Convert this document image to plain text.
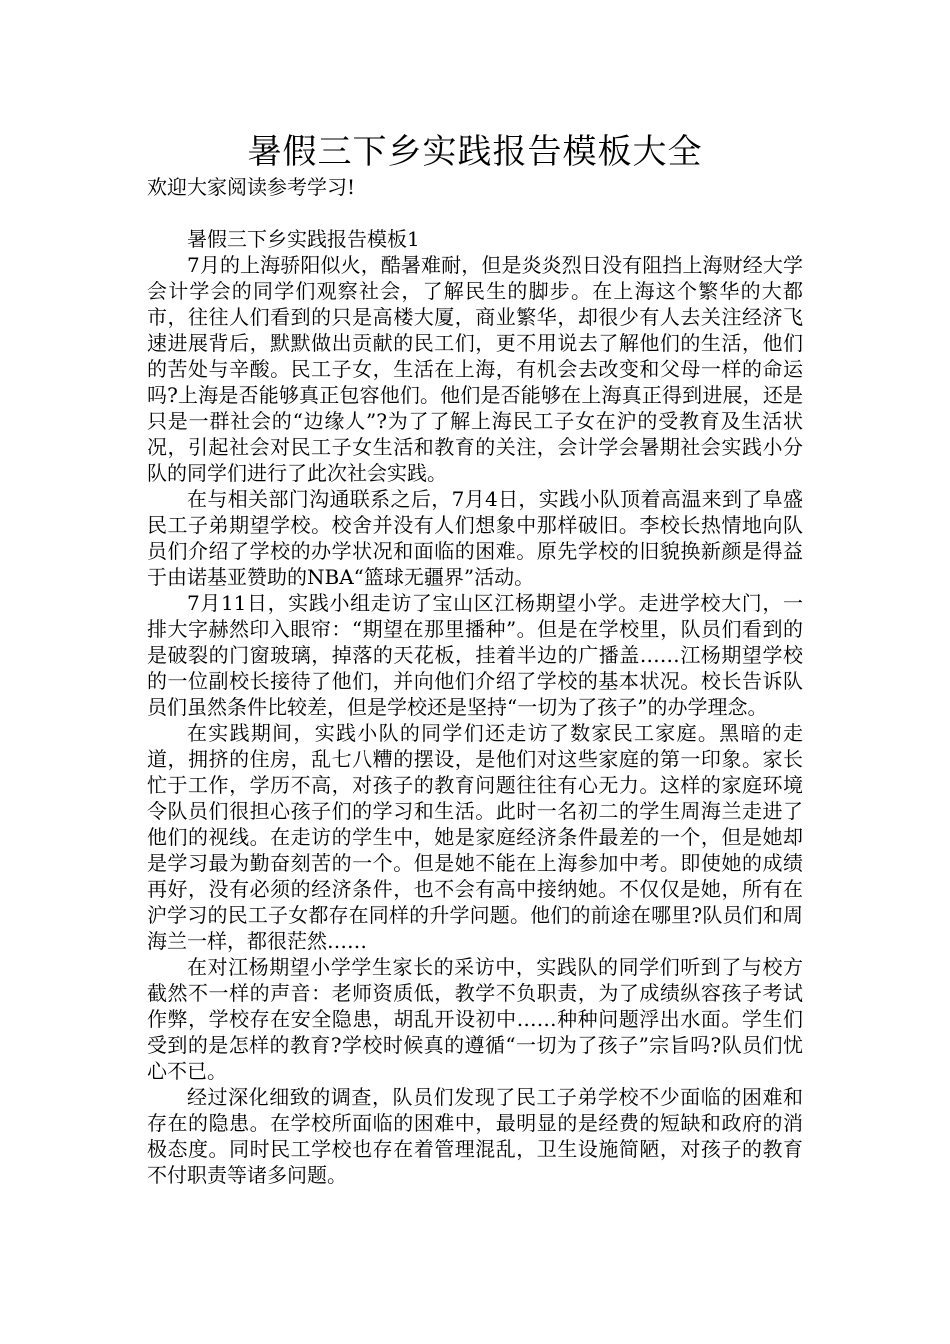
暑假三下乡实践报告模板大全

欢迎大家阅读参考学习!

暑假三下乡实践报告模板1

7月的上海骄阳似火，酷暑难耐，但是炎炎烈日没有阻挡上海财经大学会计学会的同学们观察社会，了解民生的脚步。在上海这个繁华的大都市，往往人们看到的只是高楼大厦，商业繁华，却很少有人去关注经济飞速进展背后，默默做出贡献的民工们，更不用说去了解他们的生活，他们的苦处与辛酸。民工子女，生活在上海，有机会去改变和父母一样的命运吗?上海是否能够真正包容他们。他们是否能够在上海真正得到进展，还是只是一群社会的“边缘人”?为了了解上海民工子女在沪的受教育及生活状况，引起社会对民工子女生活和教育的关注，会计学会暑期社会实践小分队的同学们进行了此次社会实践。

在与相关部门沟通联系之后，7月4日，实践小队顶着高温来到了阜盛民工子弟期望学校。校舍并没有人们想象中那样破旧。李校长热情地向队员们介绍了学校的办学状况和面临的困难。原先学校的旧貌换新颜是得益于由诺基亚赞助的NBA“篮球无疆界”活动。

7月11日，实践小组走访了宝山区江杨期望小学。走进学校大门，一排大字赫然印入眼帘：“期望在那里播种”。但是在学校里，队员们看到的是破裂的门窗玻璃，掉落的天花板，挂着半边的广播盖……江杨期望学校的一位副校长接待了他们，并向他们介绍了学校的基本状况。校长告诉队员们虽然条件比较差，但是学校还是坚持“一切为了孩子”的办学理念。

在实践期间，实践小队的同学们还走访了数家民工家庭。黑暗的走道，拥挤的住房，乱七八糟的摆设，是他们对这些家庭的第一印象。家长忙于工作，学历不高，对孩子的教育问题往往有心无力。这样的家庭环境令队员们很担心孩子们的学习和生活。此时一名初二的学生周海兰走进了他们的视线。在走访的学生中，她是家庭经济条件最差的一个，但是她却是学习最为勤奋刻苦的一个。但是她不能在上海参加中考。即使她的成绩再好，没有必须的经济条件，也不会有高中接纳她。不仅仅是她，所有在沪学习的民工子女都存在同样的升学问题。他们的前途在哪里?队员们和周海兰一样，都很茫然……

在对江杨期望小学学生家长的采访中，实践队的同学们听到了与校方截然不一样的声音：老师资质低，教学不负职责，为了成绩纵容孩子考试作弊，学校存在安全隐患，胡乱开设初中……种种问题浮出水面。学生们受到的是怎样的教育?学校时候真的遵循“一切为了孩子”宗旨吗?队员们忧心不已。

经过深化细致的调查，队员们发现了民工子弟学校不少面临的困难和存在的隐患。在学校所面临的困难中，最明显的是经费的短缺和政府的消极态度。同时民工学校也存在着管理混乱，卫生设施简陋，对孩子的教育不付职责等诸多问题。
